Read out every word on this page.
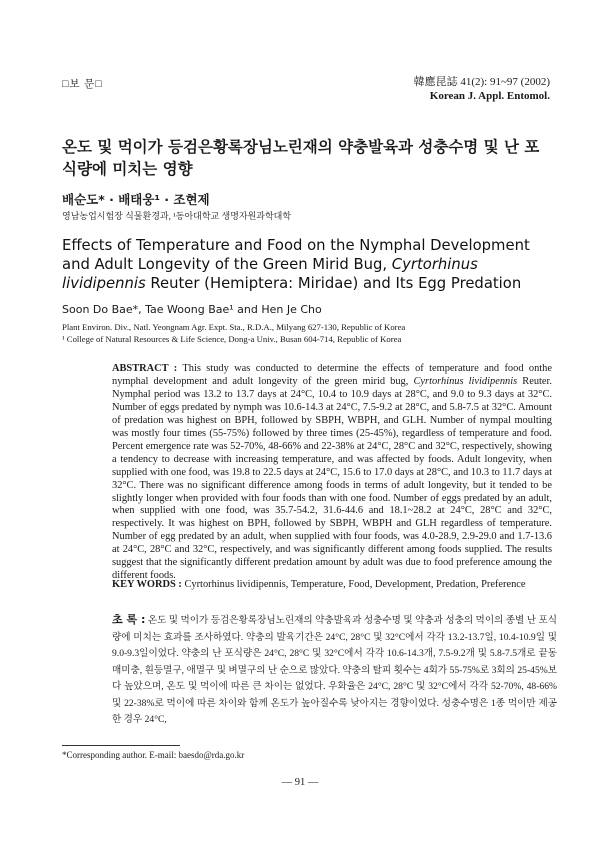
□보 문□	韓應昆誌 41(2): 91~97 (2002)
Korean J. Appl. Entomol.
온도 및 먹이가 등검은황록장님노린재의 약충발육과 성충수명 및 난 포식량에 미치는 영향
배순도* · 배태웅¹ · 조현제
영남농업시험장 식물환경과, ¹동아대학교 생명자원과학대학
Effects of Temperature and Food on the Nymphal Development and Adult Longevity of the Green Mirid Bug, Cyrtorhinus lividipennis Reuter (Hemiptera: Miridae) and Its Egg Predation
Soon Do Bae*, Tae Woong Bae¹ and Hen Je Cho
Plant Environ. Div., Natl. Yeongnam Agr. Expt. Sta., R.D.A., Milyang 627-130, Republic of Korea
¹ College of Natural Resources & Life Science, Dong-a Univ., Busan 604-714, Republic of Korea
ABSTRACT : This study was conducted to determine the effects of temperature and food onthe nymphal development and adult longevity of the green mirid bug, Cyrtorhinus lividipennis Reuter. Nymphal period was 13.2 to 13.7 days at 24°C, 10.4 to 10.9 days at 28°C, and 9.0 to 9.3 days at 32°C. Number of eggs predated by nymph was 10.6-14.3 at 24°C, 7.5-9.2 at 28°C, and 5.8-7.5 at 32°C. Amount of predation was highest on BPH, followed by SBPH, WBPH, and GLH. Number of nympal moulting was mostly four times (55-75%) followed by three times (25-45%), regardless of temperature and food. Percent emergence rate was 52-70%, 48-66% and 22-38% at 24°C, 28°C and 32°C, respectively, showing a tendency to decrease with increasing temperature, and was affected by foods. Adult longevity, when supplied with one food, was 19.8 to 22.5 days at 24°C, 15.6 to 17.0 days at 28°C, and 10.3 to 11.7 days at 32°C. There was no significant difference among foods in terms of adult longevity, but it tended to be slightly longer when provided with four foods than with one food. Number of eggs predated by an adult, when supplied with one food, was 35.7-54.2, 31.6-44.6 and 18.1~28.2 at 24°C, 28°C and 32°C, respectively. It was highest on BPH, followed by SBPH, WBPH and GLH regardless of temperature. Number of egg predated by an adult, when supplied with four foods, was 4.0-28.9, 2.9-29.0 and 1.7-13.6 at 24°C, 28°C and 32°C, respectively, and was significantly different among foods supplied. The results suggest that the significantly different predation amount by adult was due to food preference amoung the different foods.
KEY WORDS : Cyrtorhinus lividipennis, Temperature, Food, Development, Predation, Preference
초 록 : 온도 및 먹이가 등검은황록장님노린재의 약충발육과 성충수명 및 약충과 성충의 먹이의 종별 난 포식량에 미치는 효과를 조사하였다. 약충의 발육기간은 24°C, 28°C 및 32°C에서 각각 13.2-13.7일, 10.4-10.9일 및 9.0-9.3일이었다. 약충의 난 포식량은 24°C, 28°C 및 32°C에서 각각 10.6-14.3개, 7.5-9.2개 및 5.8-7.5개로 끝동매미충, 흰등멸구, 애멸구 및 벼멸구의 난 순으로 많았다. 약충의 탈피 횟수는 4회가 55-75%로 3회의 25-45%보다 높았으며, 온도 및 먹이에 따른 큰 차이는 없었다. 우화율은 24°C, 28°C 및 32°C에서 각각 52-70%, 48-66% 및 22-38%로 먹이에 따른 차이와 함께 온도가 높아질수록 낮아지는 경향이었다. 성충수명은 1종 먹이만 제공한 경우 24°C,
*Corresponding author. E-mail: baesdo@rda.go.kr
— 91 —
